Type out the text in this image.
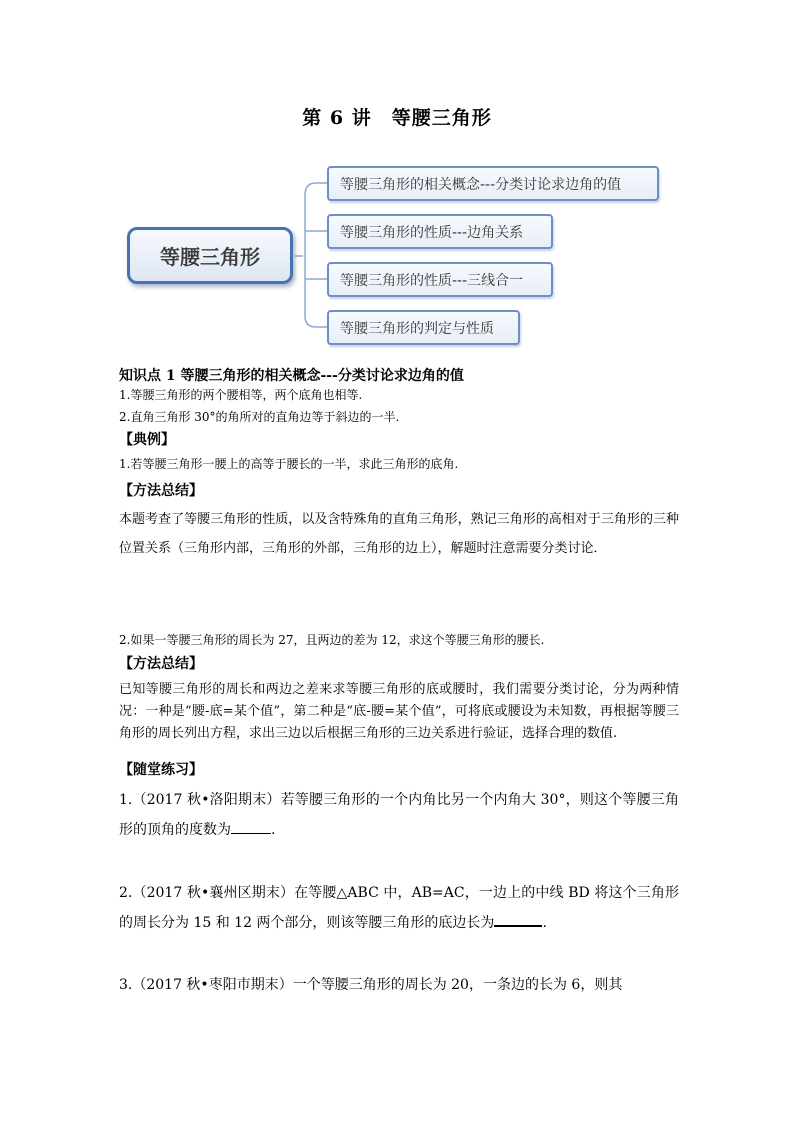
第 6 讲　等腰三角形
等腰三角形
等腰三角形的相关概念---分类讨论求边角的值
等腰三角形的性质---边角关系
等腰三角形的性质---三线合一
等腰三角形的判定与性质
知识点 1 等腰三角形的相关概念---分类讨论求边角的值
1.等腰三角形的两个腰相等，两个底角也相等.
2.直角三角形 30°的角所对的直角边等于斜边的一半.
【典例】
1.若等腰三角形一腰上的高等于腰长的一半，求此三角形的底角.
【方法总结】
本题考查了等腰三角形的性质，以及含特殊角的直角三角形，熟记三角形的高相对于三角形的三种位置关系（三角形内部，三角形的外部，三角形的边上），解题时注意需要分类讨论．
2.如果一等腰三角形的周长为 27，且两边的差为 12，求这个等腰三角形的腰长.
【方法总结】
已知等腰三角形的周长和两边之差来求等腰三角形的底或腰时，我们需要分类讨论，分为两种情况：一种是“腰-底=某个值”，第二种是“底-腰=某个值”，可将底或腰设为未知数，再根据等腰三角形的周长列出方程，求出三边以后根据三角形的三边关系进行验证，选择合理的数值.
【随堂练习】
1.（2017 秋•洛阳期末）若等腰三角形的一个内角比另一个内角大 30°，则这个等腰三角形的顶角的度数为	.
2.（2017 秋•襄州区期末）在等腰△ABC 中，AB=AC，一边上的中线 BD 将这个三角形的周长分为 15 和 12 两个部分，则该等腰三角形的底边长为	.
3.（2017 秋•枣阳市期末）一个等腰三角形的周长为 20，一条边的长为 6，则其
